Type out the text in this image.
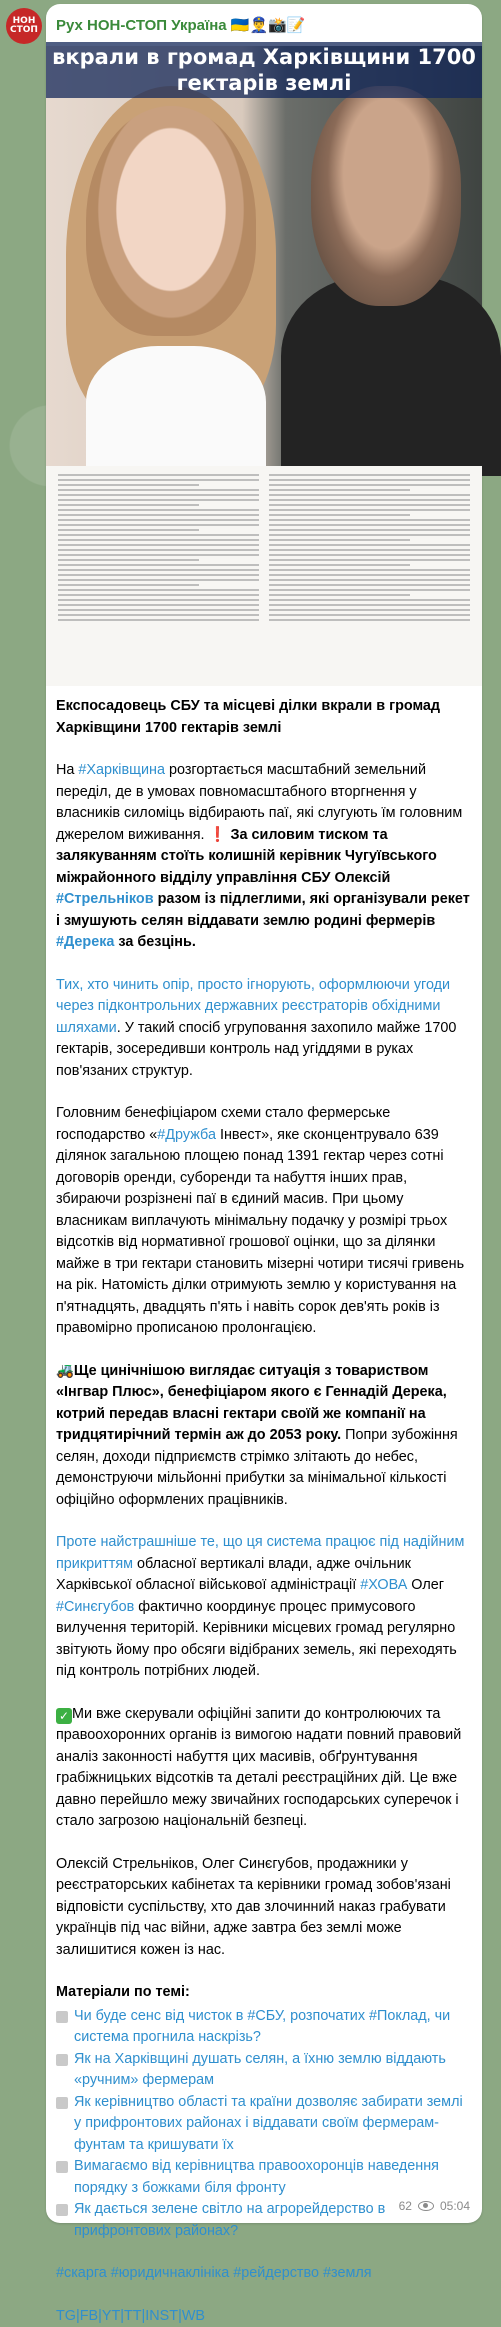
НОН
СТОП	Рух НОН-СТОП Україна 🇺🇦👮‍♂️📸📝
вкрали в громад Харківщини 1700 гектарів землі

Експосадовець СБУ та місцеві ділки вкрали в громад Харківщини 1700 гектарів землі

На #Харківщина розгортається масштабний земельний переділ, де в умовах повномасштабного вторгнення у власників силоміць відбирають паї, які слугують їм головним джерелом виживання. ❗ За силовим тиском та залякуванням стоїть колишній керівник Чугуївського міжрайонного відділу управління СБУ Олексій #Стрельніков разом із підлеглими, які організували рекет і змушують селян віддавати землю родині фермерів #Дерека за безцінь.

Тих, хто чинить опір, просто ігнорують, оформлюючи угоди через підконтрольних державних реєстраторів обхідними шляхами. У такий спосіб угруповання захопило майже 1700 гектарів, зосередивши контроль над угіддями в руках пов'язаних структур.

Головним бенефіціаром схеми стало фермерське господарство «#Дружба Інвест», яке сконцентрувало 639 ділянок загальною площею понад 1391 гектар через сотні договорів оренди, суборенди та набуття інших прав, збираючи розрізнені паї в єдиний масив. При цьому власникам виплачують мінімальну подачку у розмірі трьох відсотків від нормативної грошової оцінки, що за ділянки майже в три гектари становить мізерні чотири тисячі гривень на рік. Натомість ділки отримують землю у користування на п'ятнадцять, двадцять п'ять і навіть сорок дев'ять років із правомірно прописаною пролонгацією.

🚜Ще цинічнішою виглядає ситуація з товариством «Інгвар Плюс», бенефіціаром якого є Геннадій Дерека, котрий передав власні гектари своїй же компанії на тридцятирічний термін аж до 2053 року. Попри зубожіння селян, доходи підприємств стрімко злітають до небес, демонструючи мільйонні прибутки за мінімальної кількості офіційно оформлених працівників.

Проте найстрашніше те, що ця система працює під надійним прикриттям обласної вертикалі влади, адже очільник Харківської обласної військової адміністрації #ХОВА Олег #Синєгубов фактично координує процес примусового вилучення територій. Керівники місцевих громад регулярно звітують йому про обсяги відібраних земель, які переходять під контроль потрібних людей.

✓ Ми вже скерували офіційні запити до контролюючих та правоохоронних органів із вимогою надати повний правовий аналіз законності набуття цих масивів, обґрунтування грабіжницьких відсотків та деталі реєстраційних дій. Це вже давно перейшло межу звичайних господарських суперечок і стало загрозою національній безпеці.

Олексій Стрельніков, Олег Синєгубов, продажники у реєстраторських кабінетах та керівники громад зобов'язані відповісти суспільству, хто дав злочинний наказ грабувати українців під час війни, адже завтра без землі може залишитися кожен із нас.

Матеріали по темі:
Чи буде сенс від чисток в #СБУ, розпочатих #Поклад, чи система прогнила наскрізь?
Як на Харківщині душать селян, а їхню землю віддають «ручним» фермерам
Як керівництво області та країни дозволяє забирати землі у прифронтових районах і віддавати своїм фермерам-фунтам та кришувати їх
Вимагаємо від керівництва правоохоронців наведення порядку з божками біля фронту
Як дається зелене світло на агрорейдерство в прифронтових районах?

#скарга #юридичнаклініка #рейдерство #земля

TG|FB|YT|TT|INST|WB

62 05:04
